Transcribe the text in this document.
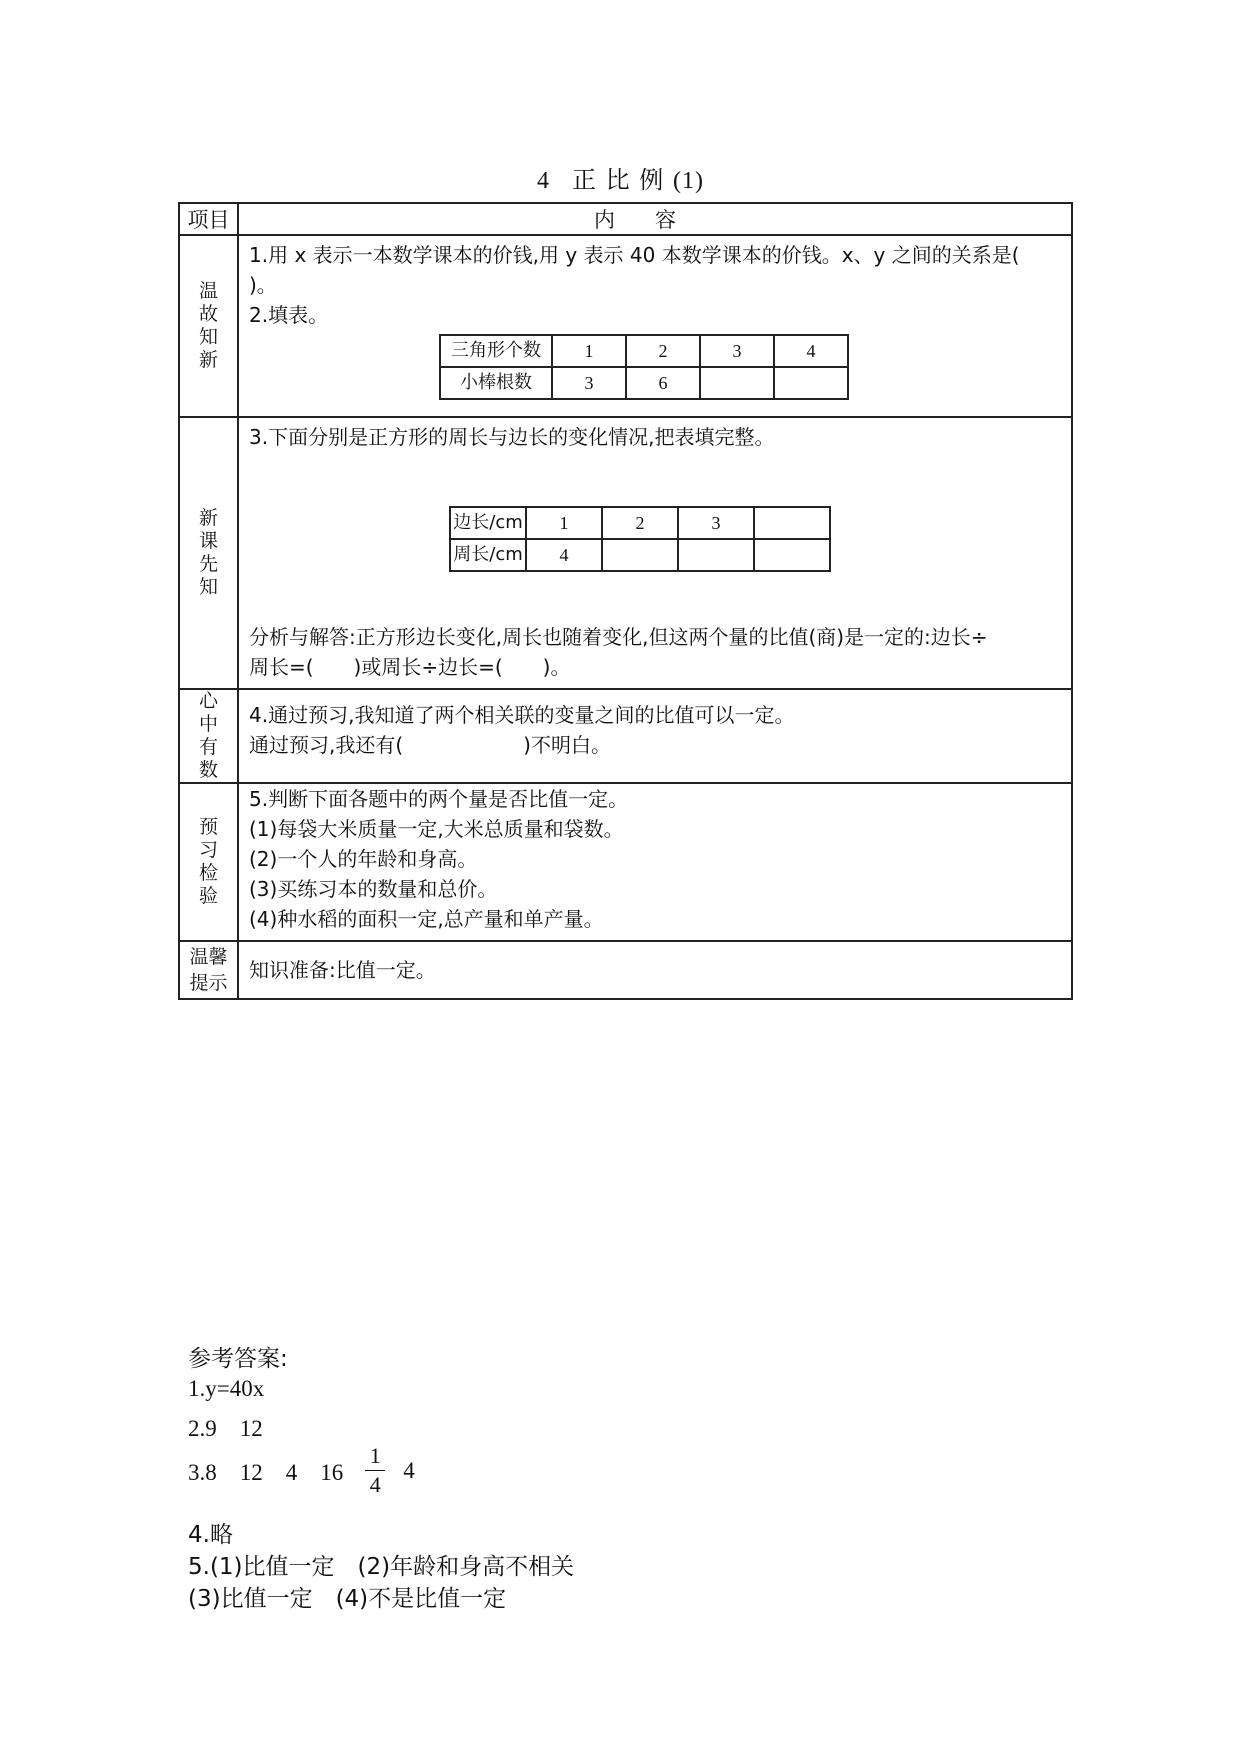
4 正 比 例 (1)
项目	内容

温
故
知
新

1.用 x 表示一本数学课本的价钱,用 y 表示 40 本数学课本的价钱。x、y 之间的关系是(
)。
2.填表。
三角形个数	1	2	3	4
小棒根数	3	6		

新
课
先
知

3.下面分别是正方形的周长与边长的变化情况,把表填完整。
边长/cm	1	2	3	
周长/cm	4			
分析与解答:正方形边长变化,周长也随着变化,但这两个量的比值(商)是一定的:边长÷
周长=(　　)或周长÷边长=(　　)。

心
中
有
数

4.通过预习,我知道了两个相关联的变量之间的比值可以一定。
通过预习,我还有(　　　　　　)不明白。

预
习
检
验

5.判断下面各题中的两个量是否比值一定。
(1)每袋大米质量一定,大米总质量和袋数。
(2)一个人的年龄和身高。
(3)买练习本的数量和总价。
(4)种水稻的面积一定,总产量和单产量。

温馨
提示

知识准备:比值一定。
参考答案:
1.y=40x
2.9　12
3.8　12　4　$16 \frac{1}{4} 4$
4.略
5.(1)比值一定　(2)年龄和身高不相关
(3)比值一定　(4)不是比值一定
